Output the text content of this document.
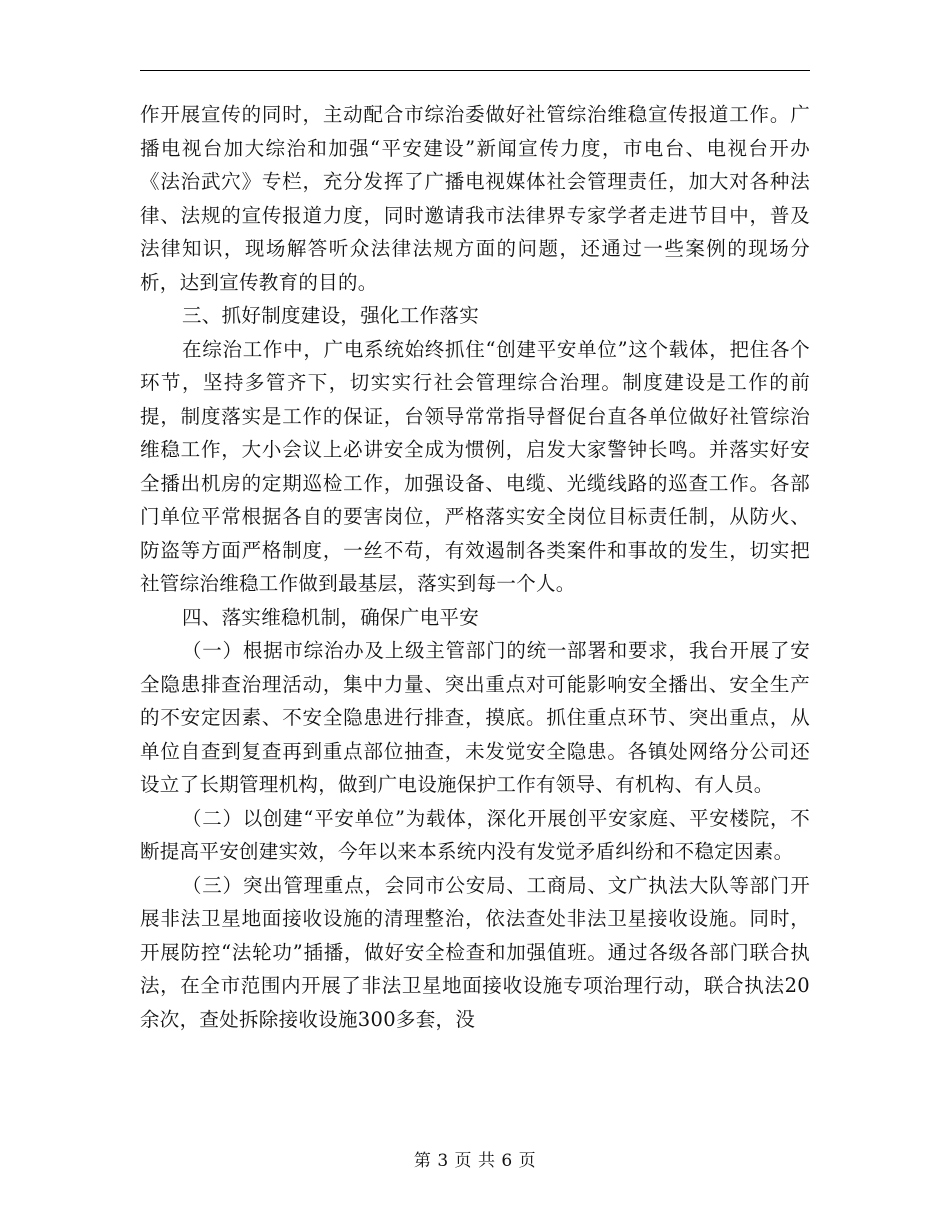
作开展宣传的同时，主动配合市综治委做好社管综治维稳宣传报道工作。广播电视台加大综治和加强“平安建设”新闻宣传力度，市电台、电视台开办《法治武穴》专栏，充分发挥了广播电视媒体社会管理责任，加大对各种法律、法规的宣传报道力度，同时邀请我市法律界专家学者走进节目中，普及法律知识，现场解答听众法律法规方面的问题，还通过一些案例的现场分析，达到宣传教育的目的。

三、抓好制度建设，强化工作落实

在综治工作中，广电系统始终抓住“创建平安单位”这个载体，把住各个环节，坚持多管齐下，切实实行社会管理综合治理。制度建设是工作的前提，制度落实是工作的保证，台领导常常指导督促台直各单位做好社管综治维稳工作，大小会议上必讲安全成为惯例，启发大家警钟长鸣。并落实好安全播出机房的定期巡检工作，加强设备、电缆、光缆线路的巡查工作。各部门单位平常根据各自的要害岗位，严格落实安全岗位目标责任制，从防火、防盗等方面严格制度，一丝不苟，有效遏制各类案件和事故的发生，切实把社管综治维稳工作做到最基层，落实到每一个人。

四、落实维稳机制，确保广电平安

（一）根据市综治办及上级主管部门的统一部署和要求，我台开展了安全隐患排查治理活动，集中力量、突出重点对可能影响安全播出、安全生产的不安定因素、不安全隐患进行排查，摸底。抓住重点环节、突出重点，从单位自查到复查再到重点部位抽查，未发觉安全隐患。各镇处网络分公司还设立了长期管理机构，做到广电设施保护工作有领导、有机构、有人员。

（二）以创建“平安单位”为载体，深化开展创平安家庭、平安楼院，不断提高平安创建实效，今年以来本系统内没有发觉矛盾纠纷和不稳定因素。

（三）突出管理重点，会同市公安局、工商局、文广执法大队等部门开展非法卫星地面接收设施的清理整治，依法查处非法卫星接收设施。同时，开展防控“法轮功”插播，做好安全检查和加强值班。通过各级各部门联合执法，在全市范围内开展了非法卫星地面接收设施专项治理行动，联合执法20余次，查处拆除接收设施300多套，没

第 3 页 共 6 页
